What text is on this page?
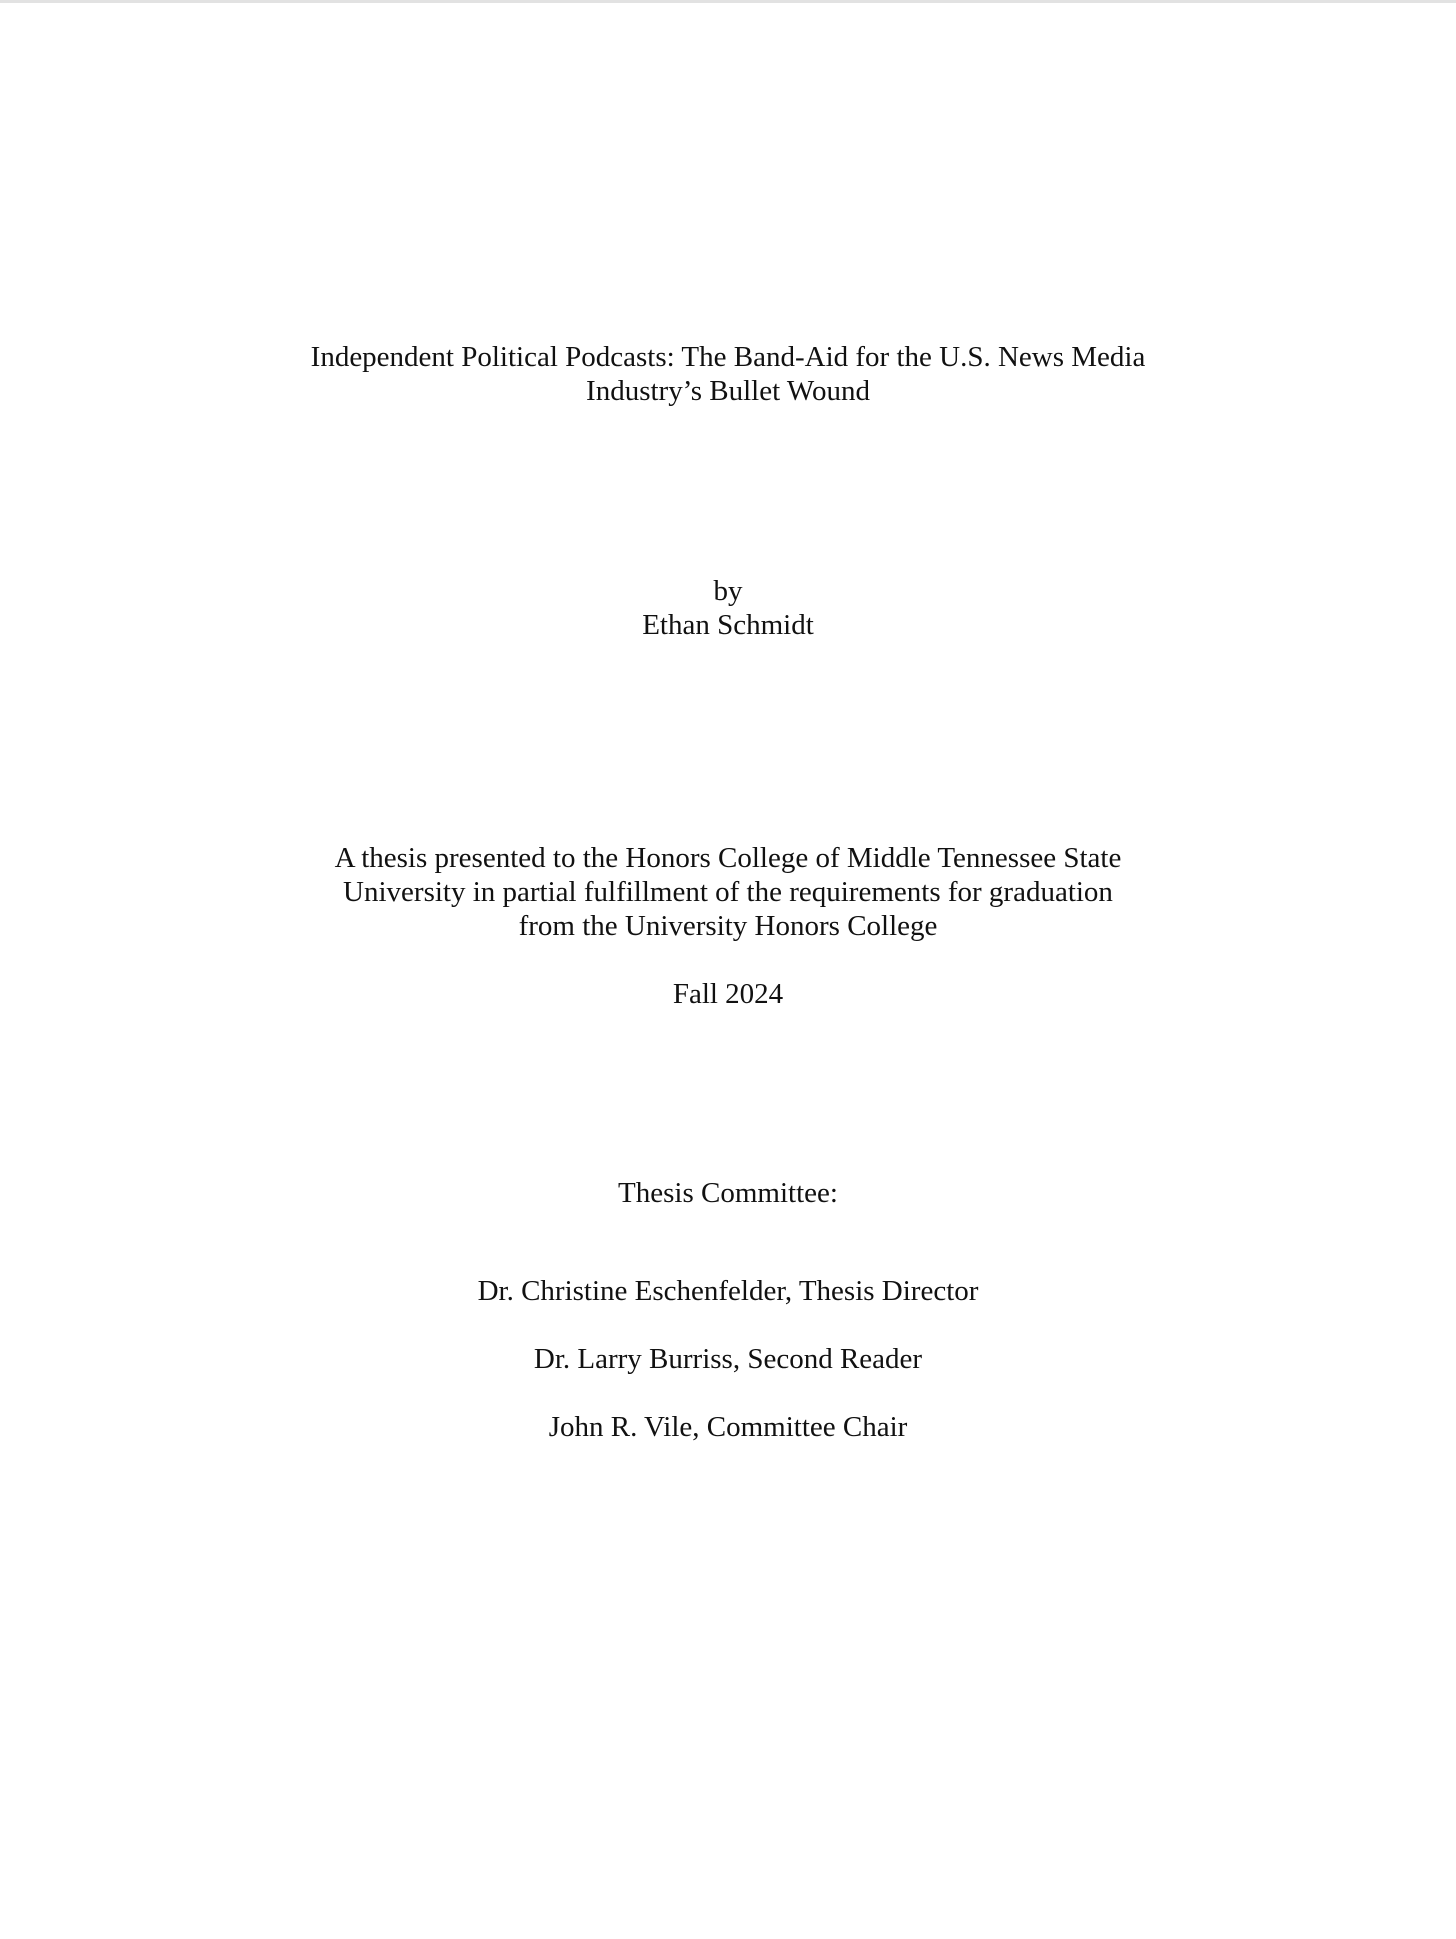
Independent Political Podcasts: The Band-Aid for the U.S. News Media
Industry’s Bullet Wound
by
Ethan Schmidt
A thesis presented to the Honors College of Middle Tennessee State
University in partial fulfillment of the requirements for graduation
from the University Honors College
Fall 2024
Thesis Committee:
Dr. Christine Eschenfelder, Thesis Director
Dr. Larry Burriss, Second Reader
John R. Vile, Committee Chair
